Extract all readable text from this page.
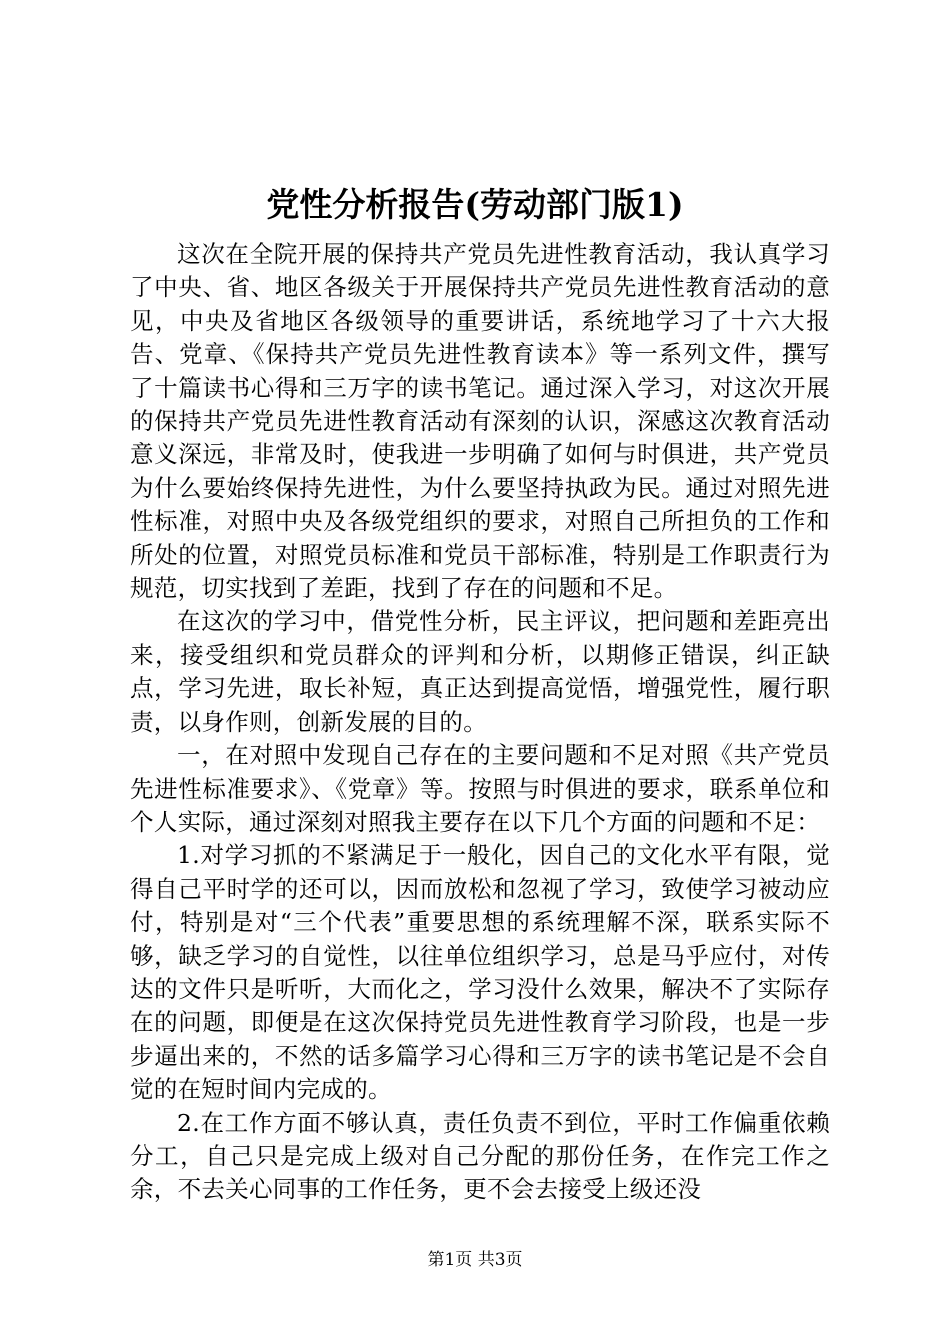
党性分析报告(劳动部门版1)

这次在全院开展的保持共产党员先进性教育活动，我认真学习了中央、省、地区各级关于开展保持共产党员先进性教育活动的意见，中央及省地区各级领导的重要讲话，系统地学习了十六大报告、党章、《保持共产党员先进性教育读本》等一系列文件，撰写了十篇读书心得和三万字的读书笔记。通过深入学习，对这次开展的保持共产党员先进性教育活动有深刻的认识，深感这次教育活动意义深远，非常及时，使我进一步明确了如何与时俱进，共产党员为什么要始终保持先进性，为什么要坚持执政为民。通过对照先进性标准，对照中央及各级党组织的要求，对照自己所担负的工作和所处的位置，对照党员标准和党员干部标准，特别是工作职责行为规范，切实找到了差距，找到了存在的问题和不足。

在这次的学习中，借党性分析，民主评议，把问题和差距亮出来，接受组织和党员群众的评判和分析，以期修正错误，纠正缺点，学习先进，取长补短，真正达到提高觉悟，增强党性，履行职责，以身作则，创新发展的目的。

一，在对照中发现自己存在的主要问题和不足对照《共产党员先进性标准要求》、《党章》等。按照与时俱进的要求，联系单位和个人实际，通过深刻对照我主要存在以下几个方面的问题和不足：

1.对学习抓的不紧满足于一般化，因自己的文化水平有限，觉得自己平时学的还可以，因而放松和忽视了学习，致使学习被动应付，特别是对“三个代表”重要思想的系统理解不深，联系实际不够，缺乏学习的自觉性，以往单位组织学习，总是马乎应付，对传达的文件只是听听，大而化之，学习没什么效果，解决不了实际存在的问题，即便是在这次保持党员先进性教育学习阶段，也是一步步逼出来的，不然的话多篇学习心得和三万字的读书笔记是不会自觉的在短时间内完成的。

2.在工作方面不够认真，责任负责不到位，平时工作偏重依赖分工，自己只是完成上级对自己分配的那份任务，在作完工作之余，不去关心同事的工作任务，更不会去接受上级还没

第1页 共3页
